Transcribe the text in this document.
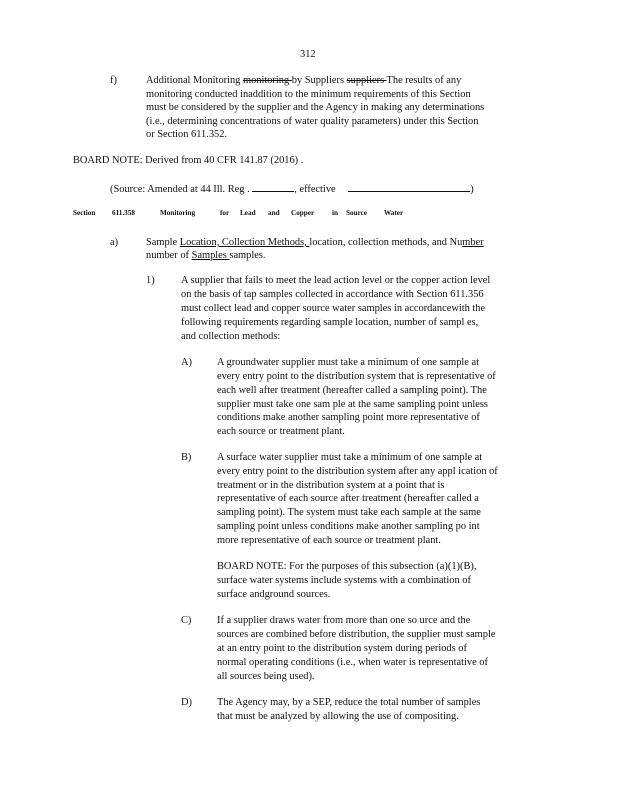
312
f)	Additional Monitoring monitoring by Suppliers suppliers The results of any
monitoring conducted inaddition to the minimum requirements of this Section
must be considered by the supplier and the Agency in making any determinations
(i.e., determining concentrations of water quality parameters) under this Section
or Section 611.352.
BOARD NOTE: Derived from 40 CFR 141.87 (2016) .
(Source: Amended at 44 Ill. Reg .	, effective	)
Section 611.358	Monitoring	for Lead and Copper in Source Water
a)	Sample Location, Collection Methods, location, collection methods, and Number
number of Samples samples.
1)	A supplier that fails to meet the lead action level or the copper action level
on the basis of tap samples collected in accordance with Section 611.356
must collect lead and copper source water samples in accordancewith the
following requirements regarding sample location, number of sampl es,
and collection methods:
A) A groundwater supplier must take a minimum of one sample at
every entry point to the distribution system that is representative of
each well after treatment (hereafter called a sampling point). The
supplier must take one sam ple at the same sampling point unless
conditions make another sampling point more representative of
each source or treatment plant.
B) A surface water supplier must take a minimum of one sample at
every entry point to the distribution system after any appl ication of
treatment or in the distribution system at a point that is
representative of each source after treatment (hereafter called a
sampling point). The system must take each sample at the same
sampling point unless conditions make another sampling po int
more representative of each source or treatment plant.
BOARD NOTE: For the purposes of this subsection (a)(1)(B),
surface water systems include systems with a combination of
surface andground sources.
C) If a supplier draws water from more than one so urce and the
sources are combined before distribution, the supplier must sample
at an entry point to the distribution system during periods of
normal operating conditions (i.e., when water is representative of
all sources being used).
D) The Agency may, by a SEP, reduce the total number of samples
that must be analyzed by allowing the use of compositing.
